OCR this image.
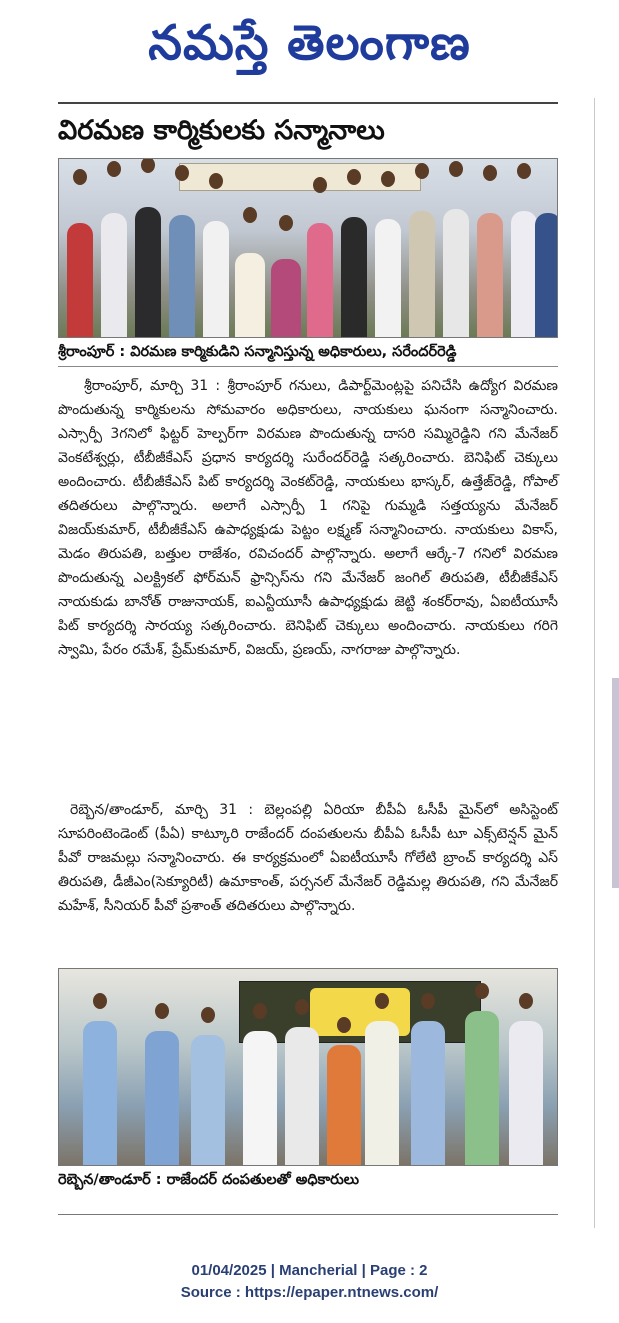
నమస్తే తెలంగాణ
విరమణ కార్మికులకు సన్మానాలు
శ్రీరాంపూర్ : విరమణ కార్మికుడిని సన్మానిస్తున్న అధికారులు, సరేందర్‌రెడ్డి
శ్రీరాంపూర్, మార్చి 31 : శ్రీరాంపూర్ గనులు, డిపార్ట్‌మెంట్లపై పనిచేసి ఉద్యోగ విరమణ పొందుతున్న కార్మికులను సోమవారం అధికారులు, నాయకులు ఘనంగా సన్మానించారు. ఎస్సార్పీ 3గనిలో ఫిట్టర్ హెల్పర్‌గా విరమణ పొందుతున్న దాసరి సమ్మిరెడ్డిని గని మేనేజర్ వెంకటేశ్వర్లు, టీబీజీకేఎస్ ప్రధాన కార్యదర్శి సురేందర్‌రెడ్డి సత్కరించారు. బెనిఫిట్ చెక్కులు అందించారు. టీబీజీకేఎస్ పిట్ కార్యదర్శి వెంకట్‌రెడ్డి, నాయకులు భాస్కర్, ఉత్తేజ్‌రెడ్డి, గోపాల్ తదితరులు పాల్గొన్నారు. అలాగే ఎస్సార్పీ 1 గనిపై గుమ్మడి సత్తయ్యను మేనేజర్ విజయ్‌కుమార్, టీబీజీకేఎస్ ఉపాధ్యక్షుడు పెట్టం లక్ష్మణ్ సన్మానించారు. నాయకులు వికాస్, మెడం తిరుపతి, బత్తుల రాజేశం, రవిచందర్ పాల్గొన్నారు. అలాగే ఆర్కే-7 గనిలో విరమణ పొందుతున్న ఎలక్ట్రికల్ ఫోర్‌మన్ ఫ్రాన్సిస్‌ను గని మేనేజర్ జంగిల్ తిరుపతి, టీబీజీకేఎస్ నాయకుడు బానోత్ రాజునాయక్, ఐఎన్టీయూసీ ఉపాధ్యక్షుడు జెట్టి శంకర్‌రావు, ఏఐటీయూసీ పిట్ కార్యదర్శి సారయ్య సత్కరించారు. బెనిఫిట్ చెక్కులు అందించారు. నాయకులు గరిగె స్వామి, పేరం రమేశ్, ప్రేమ్‌కుమార్, విజయ్, ప్రణయ్, నాగరాజు పాల్గొన్నారు.
రెబ్బెన/తాండూర్, మార్చి 31 : బెల్లంపల్లి ఏరియా బీపీఏ ఓసీపీ మైన్‌లో అసిస్టెంట్ సూపరింటెండెంట్ (పీఏ) కాట్కూరి రాజేందర్ దంపతులను బీపీఏ ఓసీపీ టూ ఎక్స్‌టెన్షన్ మైన్ పీవో రాజమల్లు సన్మానించారు. ఈ కార్యక్రమంలో ఏఐటీయూసీ గోలేటి బ్రాంచ్ కార్యదర్శి ఎస్ తిరుపతి, డీజీఎం(సెక్యూరిటీ) ఉమాకాంత్, పర్సనల్ మేనేజర్ రెడ్డిమల్ల తిరుపతి, గని మేనేజర్ మహేశ్, సీనియర్ పీవో ప్రశాంత్ తదితరులు పాల్గొన్నారు.
రెబ్బెన/తాండూర్ : రాజేందర్ దంపతులతో అధికారులు
01/04/2025 | Mancherial | Page : 2
Source : https://epaper.ntnews.com/
